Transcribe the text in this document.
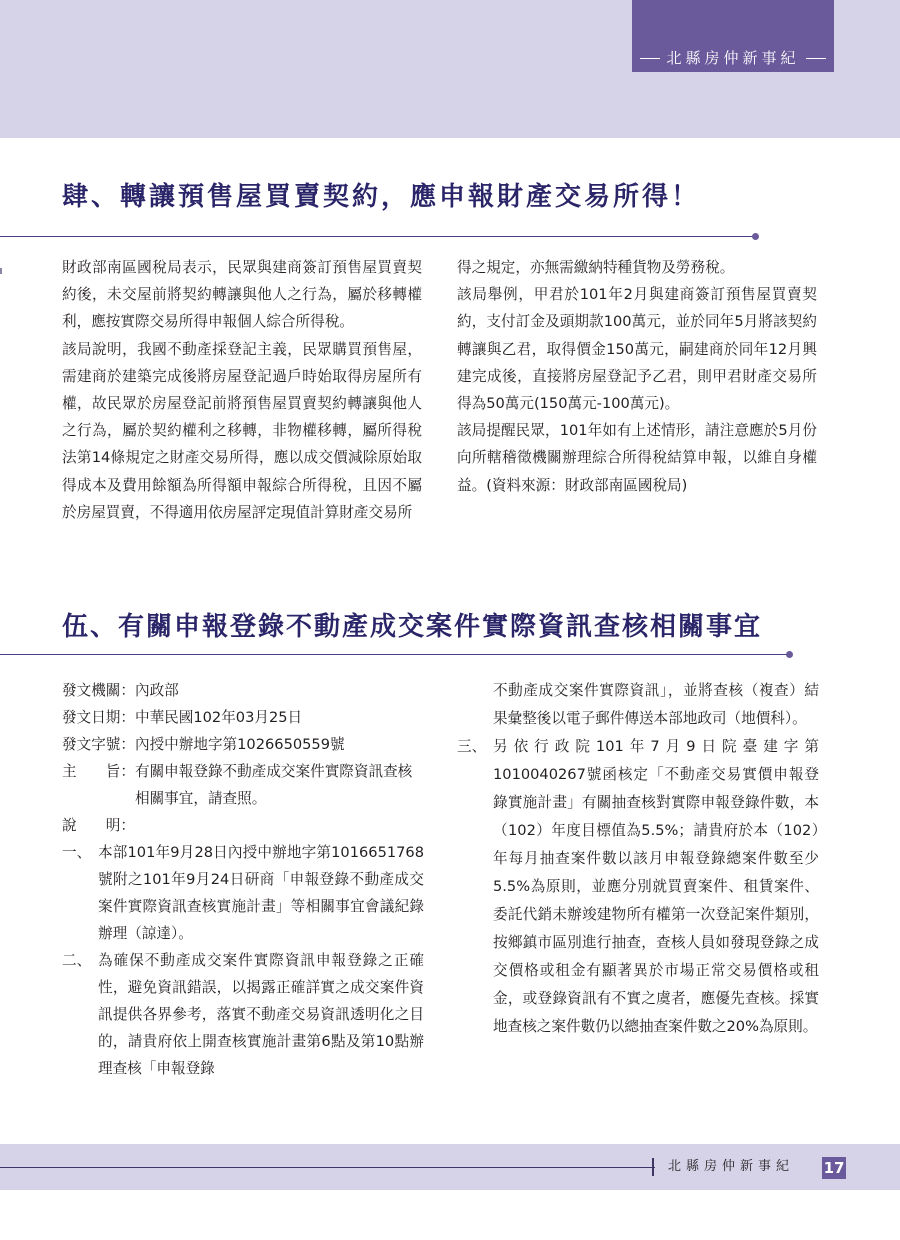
北縣房仲新事紀
肆、轉讓預售屋買賣契約，應申報財產交易所得！

財政部南區國稅局表示，民眾與建商簽訂預售屋買賣契約後，未交屋前將契約轉讓與他人之行為，屬於移轉權利，應按實際交易所得申報個人綜合所得稅。

該局說明，我國不動產採登記主義，民眾購買預售屋，需建商於建築完成後將房屋登記過戶時始取得房屋所有權，故民眾於房屋登記前將預售屋買賣契約轉讓與他人之行為，屬於契約權利之移轉，非物權移轉，屬所得稅法第14條規定之財產交易所得，應以成交價減除原始取得成本及費用餘額為所得額申報綜合所得稅，且因不屬於房屋買賣，不得適用依房屋評定現值計算財產交易所

得之規定，亦無需繳納特種貨物及勞務稅。

該局舉例，甲君於101年2月與建商簽訂預售屋買賣契約，支付訂金及頭期款100萬元，並於同年5月將該契約轉讓與乙君，取得價金150萬元，嗣建商於同年12月興建完成後，直接將房屋登記予乙君，則甲君財產交易所得為50萬元(150萬元-100萬元)。

該局提醒民眾，101年如有上述情形，請注意應於5月份向所轄稽徵機關辦理綜合所得稅結算申報，以維自身權益。(資料來源：財政部南區國稅局)

伍、有關申報登錄不動產成交案件實際資訊查核相關事宜
發文機關： 內政部
發文日期： 中華民國102年03月25日
發文字號： 內授中辦地字第1026650559號
主　　旨： 有關申報登錄不動產成交案件實際資訊查核相關事宜，請查照。
說　　明：
一、 本部101年9月28日內授中辦地字第1016651768號附之101年9月24日研商「申報登錄不動產成交案件實際資訊查核實施計畫」等相關事宜會議紀錄辦理（諒達）。
二、 為確保不動產成交案件實際資訊申報登錄之正確性，避免資訊錯誤，以揭露正確詳實之成交案件資訊提供各界參考，落實不動產交易資訊透明化之目的，請貴府依上開查核實施計畫第6點及第10點辦理查核「申報登錄
不動產成交案件實際資訊」，並將查核（複查）結果彙整後以電子郵件傳送本部地政司（地價科）。
三、 另依行政院101年7月9日院臺建字第1010040267號函核定「不動產交易實價申報登錄實施計畫」有關抽查核對實際申報登錄件數，本（102）年度目標值為5.5%；請貴府於本（102）年每月抽查案件數以該月申報登錄總案件數至少5.5%為原則，並應分別就買賣案件、租賃案件、委託代銷未辦竣建物所有權第一次登記案件類別，按鄉鎮市區別進行抽查，查核人員如發現登錄之成交價格或租金有顯著異於市場正常交易價格或租金，或登錄資訊有不實之虞者，應優先查核。採實地查核之案件數仍以總抽查案件數之20%為原則。
北縣房仲新事紀 17
